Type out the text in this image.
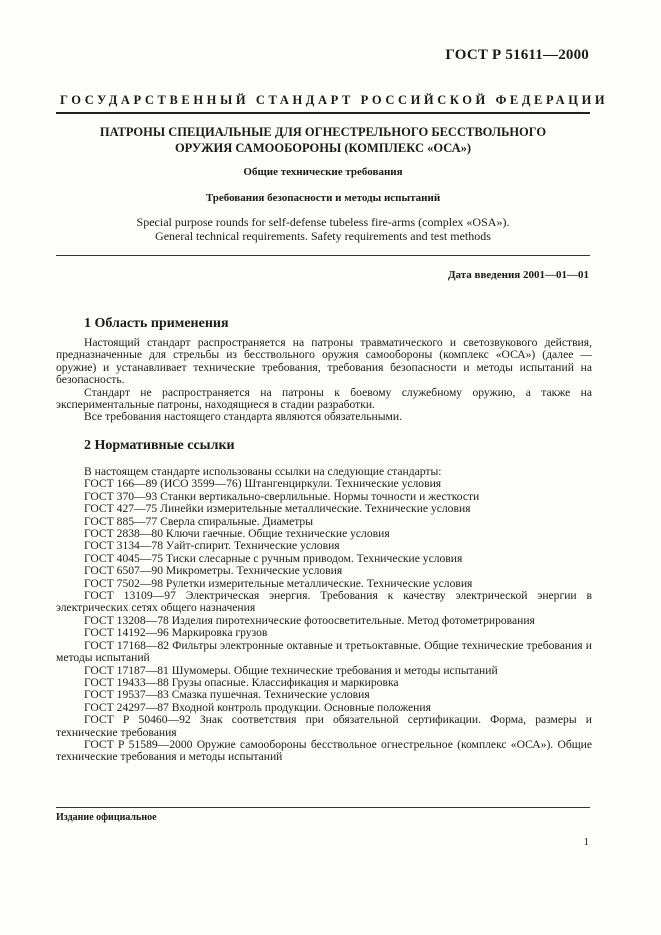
ГОСТ Р 51611—2000
ГОСУДАРСТВЕННЫЙ СТАНДАРТ РОССИЙСКОЙ ФЕДЕРАЦИИ
ПАТРОНЫ СПЕЦИАЛЬНЫЕ ДЛЯ ОГНЕСТРЕЛЬНОГО БЕССТВОЛЬНОГО
ОРУЖИЯ САМООБОРОНЫ (КОМПЛЕКС «ОСА»)
Общие технические требования
Требования безопасности и методы испытаний
Special purpose rounds for self-defense tubeless fire-arms (complex «OSA»).
General technical requirements. Safety requirements and test methods
Дата введения 2001—01—01
1 Область применения

Настоящий стандарт распространяется на патроны травматического и светозвукового действия, предназначенные для стрельбы из бесствольного оружия самообороны (комплекс «ОСА») (далее — оружие) и устанавливает технические требования, требования безопасности и методы испытаний на безопасность.

Стандарт не распространяется на патроны к боевому служебному оружию, а также на экспериментальные патроны, находящиеся в стадии разработки.

Все требования настоящего стандарта являются обязательными.

2 Нормативные ссылки

В настоящем стандарте использованы ссылки на следующие стандарты:

ГОСТ 166—89 (ИСО 3599—76) Штангенциркули. Технические условия

ГОСТ 370—93 Станки вертикально-сверлильные. Нормы точности и жесткости

ГОСТ 427—75 Линейки измерительные металлические. Технические условия

ГОСТ 885—77 Сверла спиральные. Диаметры

ГОСТ 2838—80 Ключи гаечные. Общие технические условия

ГОСТ 3134—78 Уайт-спирит. Технические условия

ГОСТ 4045—75 Тиски слесарные с ручным приводом. Технические условия

ГОСТ 6507—90 Микрометры. Технические условия

ГОСТ 7502—98 Рулетки измерительные металлические. Технические условия

ГОСТ 13109—97 Электрическая энергия. Требования к качеству электрической энергии в электрических сетях общего назначения

ГОСТ 13208—78 Изделия пиротехнические фотоосветительные. Метод фотометрирования

ГОСТ 14192—96 Маркировка грузов

ГОСТ 17168—82 Фильтры электронные октавные и третьоктавные. Общие технические требования и методы испытаний

ГОСТ 17187—81 Шумомеры. Общие технические требования и методы испытаний

ГОСТ 19433—88 Грузы опасные. Классификация и маркировка

ГОСТ 19537—83 Смазка пушечная. Технические условия

ГОСТ 24297—87 Входной контроль продукции. Основные положения

ГОСТ Р 50460—92 Знак соответствия при обязательной сертификации. Форма, размеры и технические требования

ГОСТ Р 51589—2000 Оружие самообороны бесствольное огнестрельное (комплекс «ОСА»). Общие технические требования и методы испытаний

Издание официальное
1
